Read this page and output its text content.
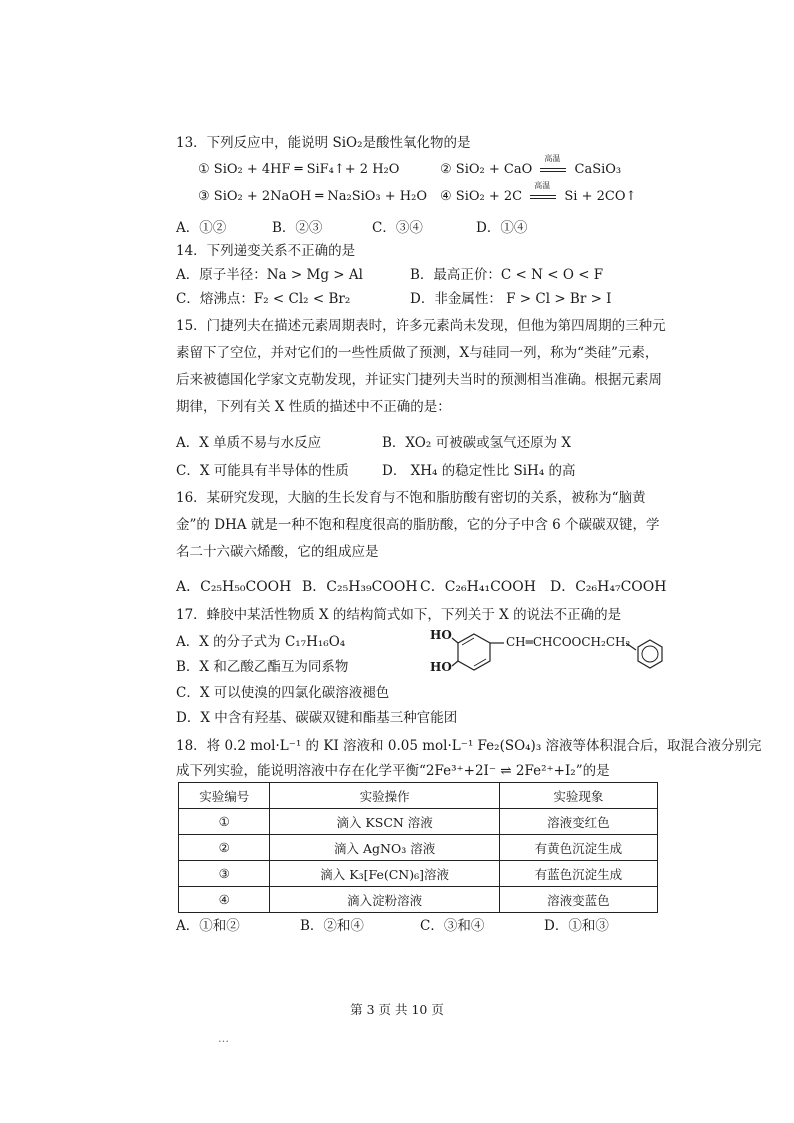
13．下列反应中，能说明 SiO₂是酸性氧化物的是
① SiO₂ + 4HF ═ SiF₄↑+ 2 H₂O	② SiO₂ + CaO
高温
CaSiO₃
③ SiO₂ + 2NaOH ═ Na₂SiO₃ + H₂O ④ SiO₂ + 2C
高温
Si + 2CO↑
A．①②	B．②③	C．③④	D．①④
14．下列递变关系不正确的是
A．原子半径：Na > Mg > Al	B．最高正价：C < N < O < F
C．熔沸点：F₂ < Cl₂ < Br₂	D．非金属性： F > Cl > Br > I
15．门捷列夫在描述元素周期表时，许多元素尚未发现，但他为第四周期的三种元素留下了空位，并对它们的一些性质做了预测，X与硅同一列，称为“类硅”元素，后来被德国化学家文克勒发现，并证实门捷列夫当时的预测相当准确。根据元素周期律，下列有关 X 性质的描述中不正确的是：
A．X 单质不易与水反应	B．XO₂ 可被碳或氢气还原为 X
C．X 可能具有半导体的性质 D． XH₄ 的稳定性比 SiH₄ 的高
16．某研究发现，大脑的生长发育与不饱和脂肪酸有密切的关系，被称为“脑黄金”的 DHA 就是一种不饱和程度很高的脂肪酸，它的分子中含 6 个碳碳双键，学名二十六碳六烯酸，它的组成应是
A．C₂₅H₅₀COOH B．C₂₅H₃₉COOH C．C₂₆H₄₁COOH D．C₂₆H₄₇COOH
17．蜂胶中某活性物质 X 的结构简式如下，下列关于 X 的说法不正确的是
A．X 的分子式为 C₁₇H₁₆O₄
B．X 和乙酸乙酯互为同系物
C．X 可以使溴的四氯化碳溶液褪色
D．X 中含有羟基、碳碳双键和酯基三种官能团
HO
HO
CH═CHCOOCH₂CH₂
18．将 0.2 mol·L⁻¹ 的 KI 溶液和 0.05 mol·L⁻¹ Fe₂(SO₄)₃ 溶液等体积混合后，取混合液分别完
成下列实验，能说明溶液中存在化学平衡“2Fe³⁺+2I⁻ ⇌ 2Fe²⁺+I₂”的是
实验编号	实验操作	实验现象
①	滴入 KSCN 溶液	溶液变红色
②	滴入 AgNO₃ 溶液	有黄色沉淀生成
③	滴入 K₃[Fe(CN)₆]溶液	有蓝色沉淀生成
④	滴入淀粉溶液	溶液变蓝色
A．①和②	B．②和④	C．③和④	D．①和③
第 3 页 共 10 页
…
